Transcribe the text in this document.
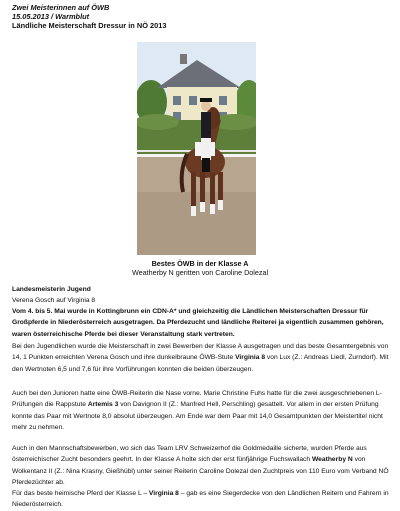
Zwei Meisterinnen auf ÖWB
15.05.2013 / Warmblut
Ländliche Meisterschaft Dressur in NÖ 2013
Bestes ÖWB in der Klasse A
Weatherby N geritten von Caroline Dolezal
Landesmeisterin Jugend
Verena Gosch auf Virginia 8
Vom 4. bis 5. Mai wurde in Kottingbrunn ein CDN-A* und gleichzeitig die Ländlichen Meisterschaften Dressur für Großpferde in Niederösterreich ausgetragen. Da Pferdezucht und ländliche Reiterei ja eigentlich zusammen gehören, waren österreichische Pferde bei dieser Veranstaltung stark vertreten.

Bei den Jugendlichen wurde die Meisterschaft in zwei Bewerben der Klasse A ausgetragen und das beste Gesamtergebnis von 14, 1 Punkten erreichten Verena Gosch und ihre dunkelbraune ÖWB-Stute Virginia 8 von Lux (Z.: Andreas Liedl, Zurndorf). Mit den Wertnoten 6,5 und 7,6 für ihre Vorführungen konnten die beiden überzeugen.

Auch bei den Junioren hatte eine ÖWB-Reiterin die Nase vorne. Marie Christine Fuhs hatte für die zwei ausgeschriebenen L-Prüfungen die Rappstute Artemis 3 von Davignon II (Z.: Manfred Hell, Perschling) gesattelt. Vor allem in der ersten Prüfung konnte das Paar mit Wertnote 8,0 absolut überzeugen. Am Ende war dem Paar mit 14,0 Gesamtpunkten der Meistertitel nicht mehr zu nehmen.

Auch in den Mannschaftsbewerben, wo sich das Team LRV Schweizerhof die Goldmedaille sicherte, wurden Pferde aus österreichischer Zucht besonders geehrt. In der Klasse A holte sich der erst fünfjährige Fuchswallach Weatherby N von Wolkentanz II (Z.: Nina Krasny, Gießhübl) unter seiner Reiterin Caroline Dolezal den Zuchtpreis von 110 Euro vom Verband NÖ Pferdezüchter ab.

Für das beste heimische Pferd der Klasse L – Virginia 8 – gab es eine Siegerdecke von den Ländlichen Reitern und Fahrern in Niederösterreich.
